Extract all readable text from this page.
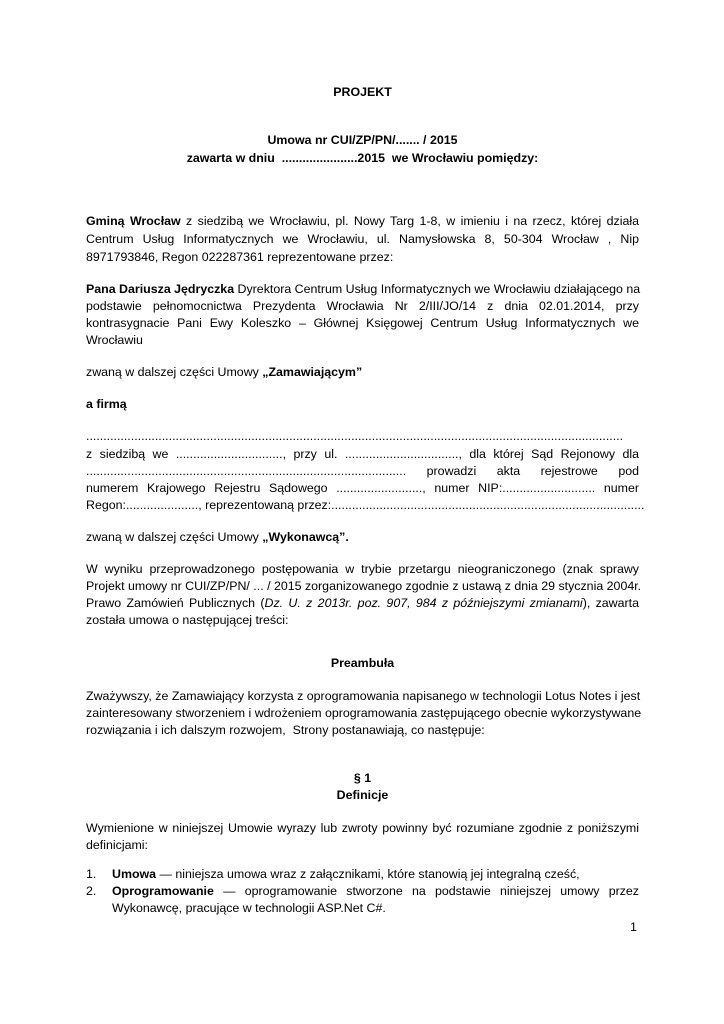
PROJEKT
Umowa nr CUI/ZP/PN/....... / 2015
zawarta w dniu  ......................2015  we Wrocławiu pomiędzy:
Gminą Wrocław z siedzibą we Wrocławiu, pl. Nowy Targ 1-8, w imieniu i na rzecz, której działa
Centrum Usług Informatycznych we Wrocławiu, ul. Namysłowska 8, 50-304 Wrocław , Nip
8971793846, Regon 022287361 reprezentowane przez:
Pana Dariusza Jędryczka Dyrektora Centrum Usług Informatycznych we Wrocławiu działającego na
podstawie pełnomocnictwa Prezydenta Wrocławia Nr 2/III/JO/14 z dnia 02.01.2014, przy
kontrasygnacie Pani Ewy Koleszko – Głównej Księgowej Centrum Usług Informatycznych we
Wrocławiu
zwaną w dalszej części Umowy „Zamawiającym”
a firmą
............................................................................................................................................................
z siedzibą we ..............................., przy ul. ................................., dla której Sąd Rejonowy dla
............................................................................................. prowadzi akta rejestrowe pod
numerem Krajowego Rejestru Sądowego ........................., numer NIP:........................... numer
Regon:....................., reprezentowaną przez:...........................................................................................
zwaną w dalszej części Umowy „Wykonawcą”.
W wyniku przeprowadzonego postępowania w trybie przetargu nieograniczonego (znak sprawy
Projekt umowy nr CUI/ZP/PN/ ... / 2015 zorganizowanego zgodnie z ustawą z dnia 29 stycznia 2004r.
Prawo Zamówień Publicznych (Dz. U. z 2013r. poz. 907, 984 z późniejszymi zmianami), zawarta
została umowa o następującej treści:
Preambuła
Zważywszy, że Zamawiający korzysta z oprogramowania napisanego w technologii Lotus Notes i jest
zainteresowany stworzeniem i wdrożeniem oprogramowania zastępującego obecnie wykorzystywane
rozwiązania i ich dalszym rozwojem,  Strony postanawiają, co następuje:
§ 1
Definicje
Wymienione w niniejszej Umowie wyrazy lub zwroty powinny być rozumiane zgodnie z poniższymi
definicjami:
1. Umowa — niniejsza umowa wraz z załącznikami, które stanowią jej integralną cześć,
2. Oprogramowanie — oprogramowanie stworzone na podstawie niniejszej umowy przez
Wykonawcę, pracujące w technologii ASP.Net C#.
1
